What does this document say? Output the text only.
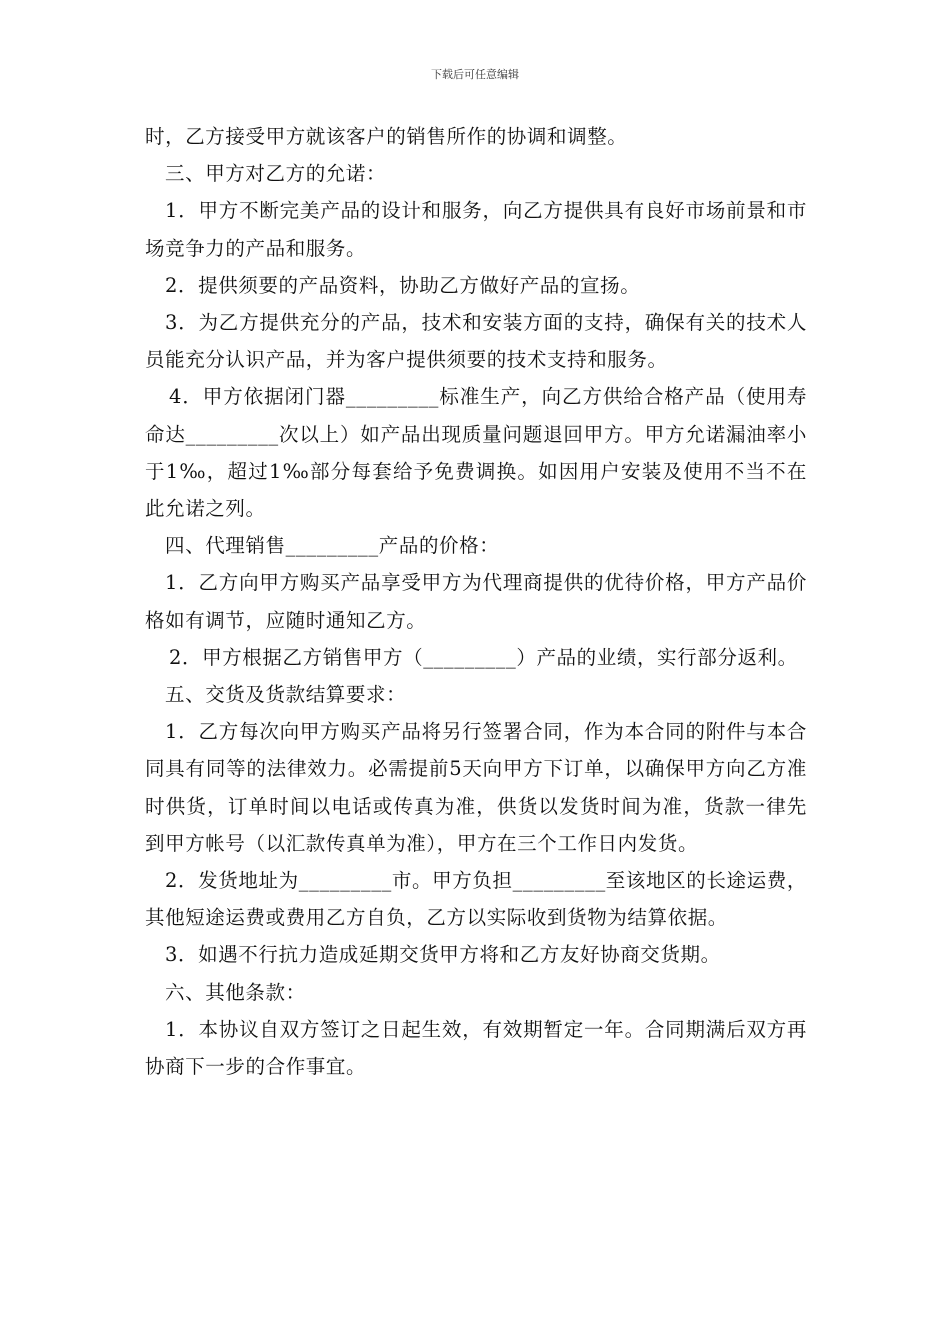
下载后可任意编辑

时，乙方接受甲方就该客户的销售所作的协调和调整。

三、甲方对乙方的允诺：

1．甲方不断完美产品的设计和服务，向乙方提供具有良好市场前景和市场竞争力的产品和服务。

2．提供须要的产品资料，协助乙方做好产品的宣扬。

3．为乙方提供充分的产品，技术和安装方面的支持，确保有关的技术人员能充分认识产品，并为客户提供须要的技术支持和服务。

4．甲方依据闭门器_________标准生产，向乙方供给合格产品（使用寿命达_________次以上）如产品出现质量问题退回甲方。甲方允诺漏油率小于1‰，超过1‰部分每套给予免费调换。如因用户安装及使用不当不在此允诺之列。

四、代理销售_________产品的价格：

1．乙方向甲方购买产品享受甲方为代理商提供的优待价格，甲方产品价格如有调节，应随时通知乙方。

2．甲方根据乙方销售甲方（_________）产品的业绩，实行部分返利。

五、交货及货款结算要求：

1．乙方每次向甲方购买产品将另行签署合同，作为本合同的附件与本合同具有同等的法律效力。必需提前5天向甲方下订单，以确保甲方向乙方准时供货，订单时间以电话或传真为准，供货以发货时间为准，货款一律先到甲方帐号（以汇款传真单为准），甲方在三个工作日内发货。

2．发货地址为_________市。甲方负担_________至该地区的长途运费，其他短途运费或费用乙方自负，乙方以实际收到货物为结算依据。

3．如遇不行抗力造成延期交货甲方将和乙方友好协商交货期。

六、其他条款：

1．本协议自双方签订之日起生效，有效期暂定一年。合同期满后双方再协商下一步的合作事宜。
